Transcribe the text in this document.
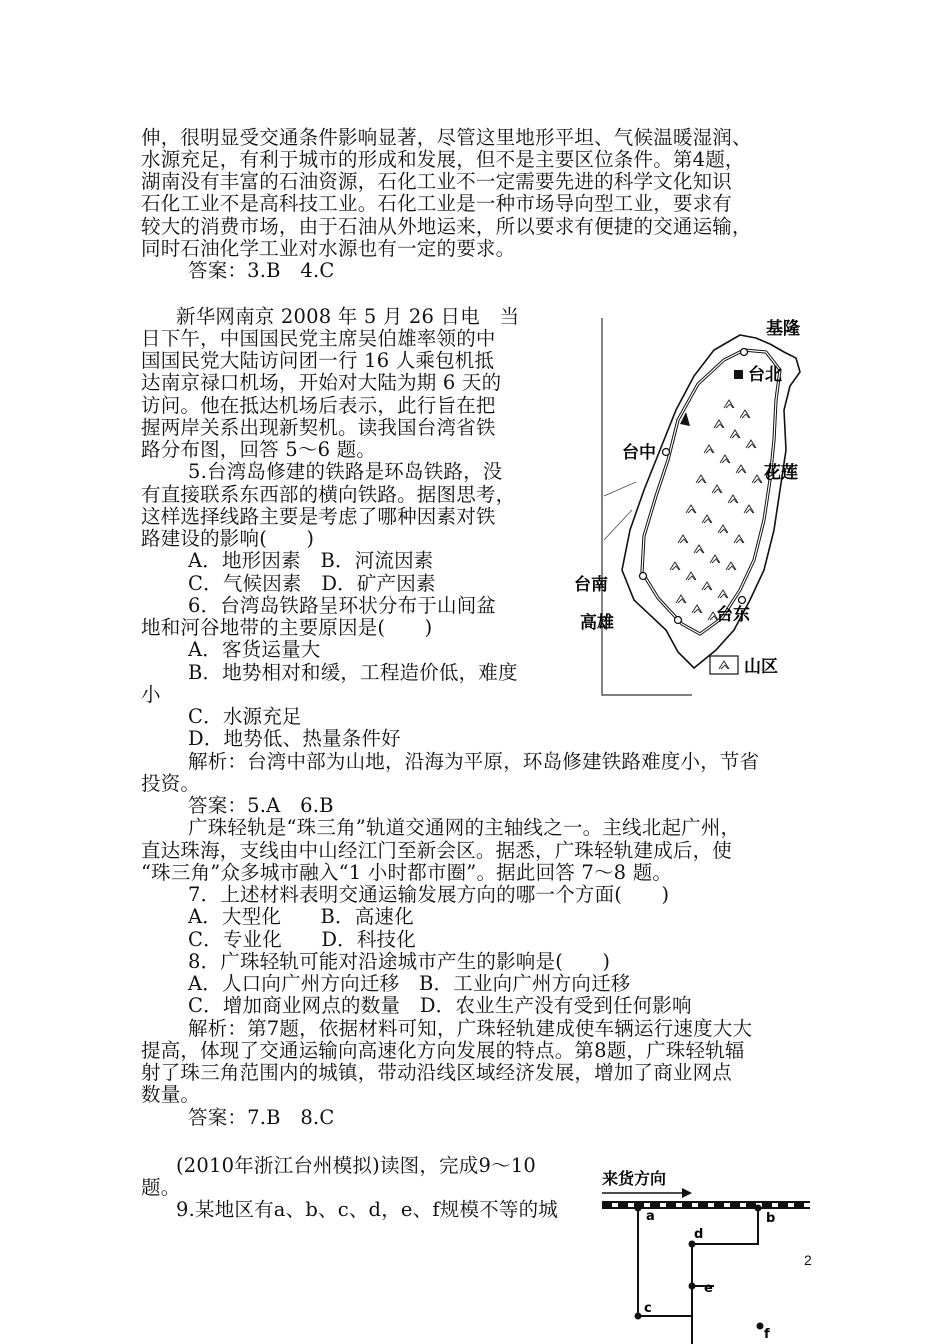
伸，很明显受交通条件影响显著，尽管这里地形平坦、气候温暖湿润、
水源充足，有利于城市的形成和发展，但不是主要区位条件。第4题，
湖南没有丰富的石油资源，石化工业不一定需要先进的科学文化知识
石化工业不是高科技工业。石化工业是一种市场导向型工业，要求有
较大的消费市场，由于石油从外地运来，所以要求有便捷的交通运输，
同时石油化学工业对水源也有一定的要求。
答案：3.B　4.C
新华网南京 2008 年 5 月 26 日电　当
日下午，中国国民党主席吴伯雄率领的中
国国民党大陆访问团一行 16 人乘包机抵
达南京禄口机场，开始对大陆为期 6 天的
访问。他在抵达机场后表示，此行旨在把
握两岸关系出现新契机。读我国台湾省铁
路分布图，回答 5～6 题。
5.台湾岛修建的铁路是环岛铁路，没
有直接联系东西部的横向铁路。据图思考，
这样选择线路主要是考虑了哪种因素对铁
路建设的影响(　　)
A．地形因素　B．河流因素
C．气候因素　D．矿产因素
6．台湾岛铁路呈环状分布于山间盆
地和河谷地带的主要原因是(　　)
A．客货运量大
B．地势相对和缓，工程造价低，难度
小
C．水源充足
D．地势低、热量条件好
解析：台湾中部为山地，沿海为平原，环岛修建铁路难度小，节省
投资。
答案：5.A　6.B
广珠轻轨是“珠三角”轨道交通网的主轴线之一。主线北起广州，
直达珠海，支线由中山经江门至新会区。据悉，广珠轻轨建成后，使
“珠三角”众多城市融入“1 小时都市圈”。据此回答 7～8 题。
7．上述材料表明交通运输发展方向的哪一个方面(　　)
A．大型化　　B．高速化
C．专业化　　D．科技化
8．广珠轻轨可能对沿途城市产生的影响是(　　)
A．人口向广州方向迁移　B．工业向广州方向迁移
C．增加商业网点的数量　D．农业生产没有受到任何影响
解析：第7题，依据材料可知，广珠轻轨建成使车辆运行速度大大
提高，体现了交通运输向高速化方向发展的特点。第8题，广珠轻轨辐
射了珠三角范围内的城镇，带动沿线区域经济发展，增加了商业网点
数量。
答案：7.B　8.C
(2010年浙江台州模拟)读图，完成9～10
题。
9.某地区有a、b、c、d，e、f规模不等的城
2
基隆
台北
台中
花莲
台南
高雄	台东
山区
来货方向
a	b
c
d
e
f
